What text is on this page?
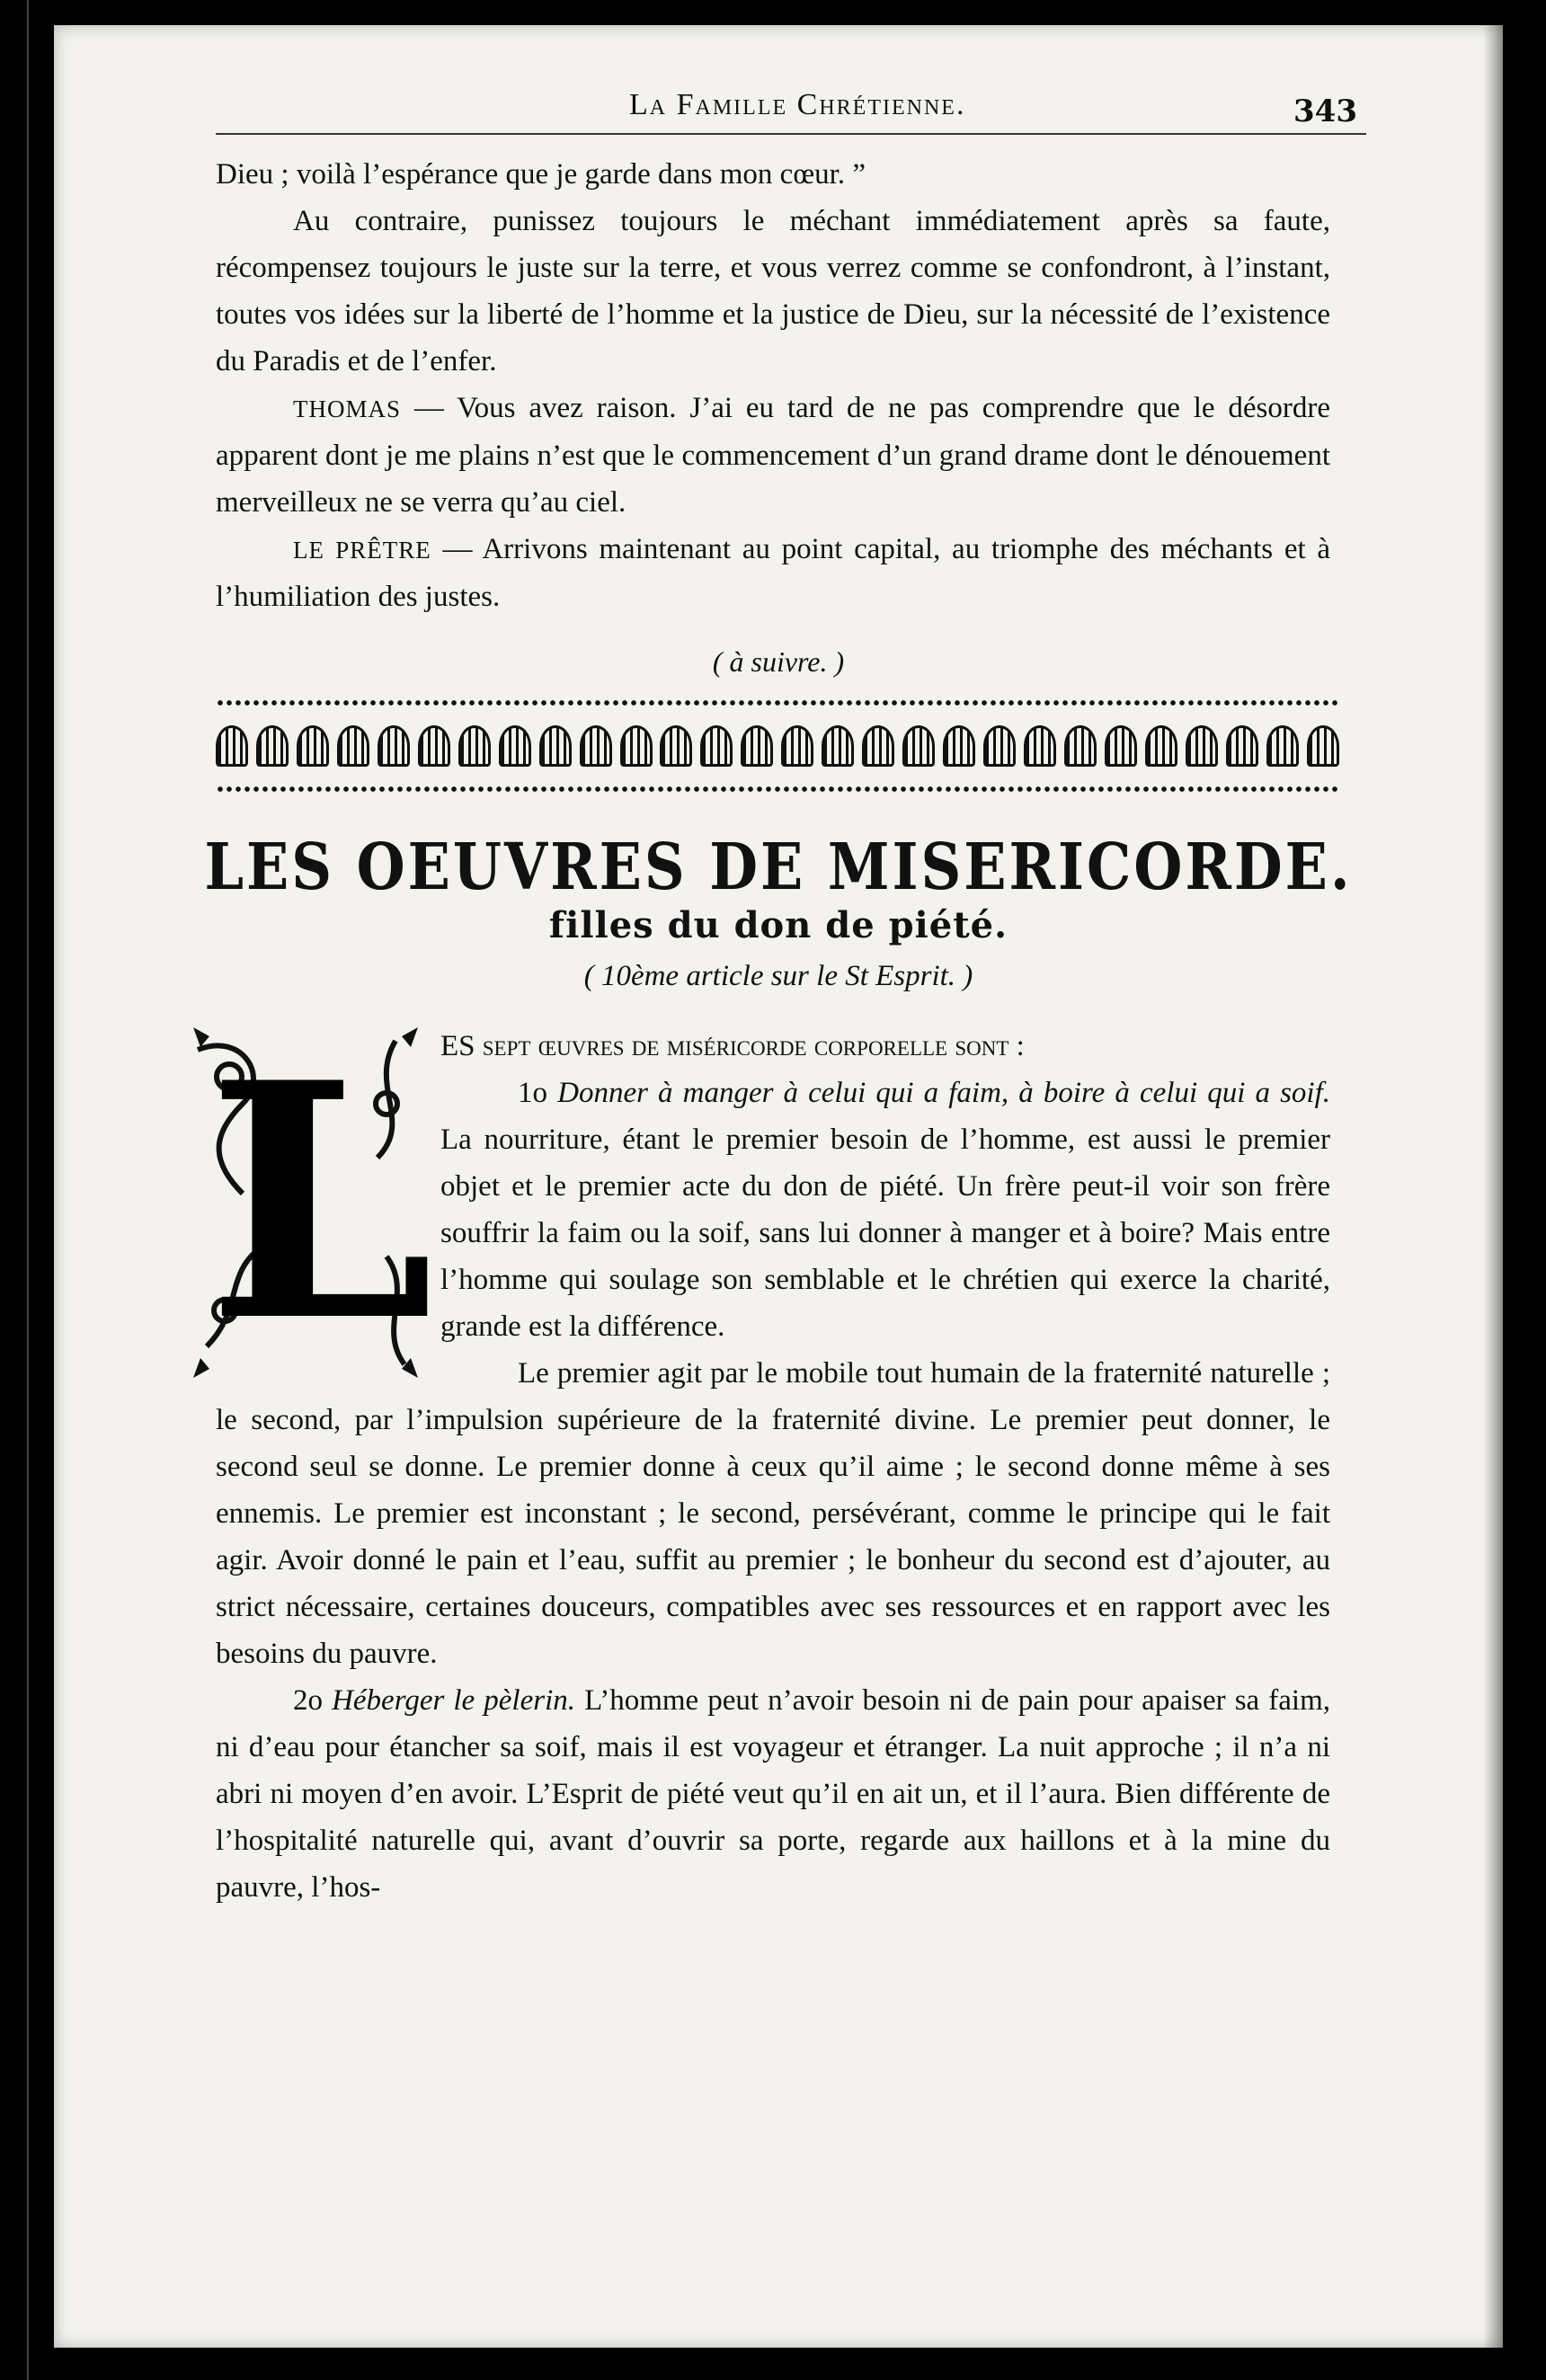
La Famille Chrétienne.	343

Dieu ; voilà l’espérance que je garde dans mon cœur. ”

Au contraire, punissez toujours le méchant immédiatement après sa faute, récompensez toujours le juste sur la terre, et vous verrez comme se confondront, à l’instant, toutes vos idées sur la liberté de l’homme et la justice de Dieu, sur la nécessité de l’existence du Paradis et de l’enfer.

THOMAS — Vous avez raison. J’ai eu tard de ne pas comprendre que le désordre apparent dont je me plains n’est que le commencement d’un grand drame dont le dénouement merveilleux ne se verra qu’au ciel.

LE PRÊTRE — Arrivons maintenant au point capital, au triomphe des méchants et à l’humiliation des justes.

( à suivre. )
LES OEUVRES DE MISERICORDE.
filles du don de piété.
( 10ème article sur le St Esprit. )

ES sept œuvres de miséricorde corporelle sont :

1o Donner à manger à celui qui a faim, à boire à celui qui a soif. La nourriture, étant le premier besoin de l’homme, est aussi le premier objet et le premier acte du don de piété. Un frère peut-il voir son frère souffrir la faim ou la soif, sans lui donner à manger et à boire? Mais entre l’homme qui soulage son semblable et le chrétien qui exerce la charité, grande est la différence.

Le premier agit par le mobile tout humain de la fraternité naturelle ; le second, par l’impulsion supérieure de la fraternité divine. Le premier peut donner, le second seul se donne. Le premier donne à ceux qu’il aime ; le second donne même à ses ennemis. Le premier est inconstant ; le second, persévérant, comme le principe qui le fait agir. Avoir donné le pain et l’eau, suffit au premier ; le bonheur du second est d’ajouter, au strict nécessaire, certaines douceurs, compatibles avec ses ressources et en rapport avec les besoins du pauvre.

2o Héberger le pèlerin. L’homme peut n’avoir besoin ni de pain pour apaiser sa faim, ni d’eau pour étancher sa soif, mais il est voyageur et étranger. La nuit approche ; il n’a ni abri ni moyen d’en avoir. L’Esprit de piété veut qu’il en ait un, et il l’aura. Bien différente de l’hospitalité naturelle qui, avant d’ouvrir sa porte, regarde aux haillons et à la mine du pauvre, l’hos-

L
